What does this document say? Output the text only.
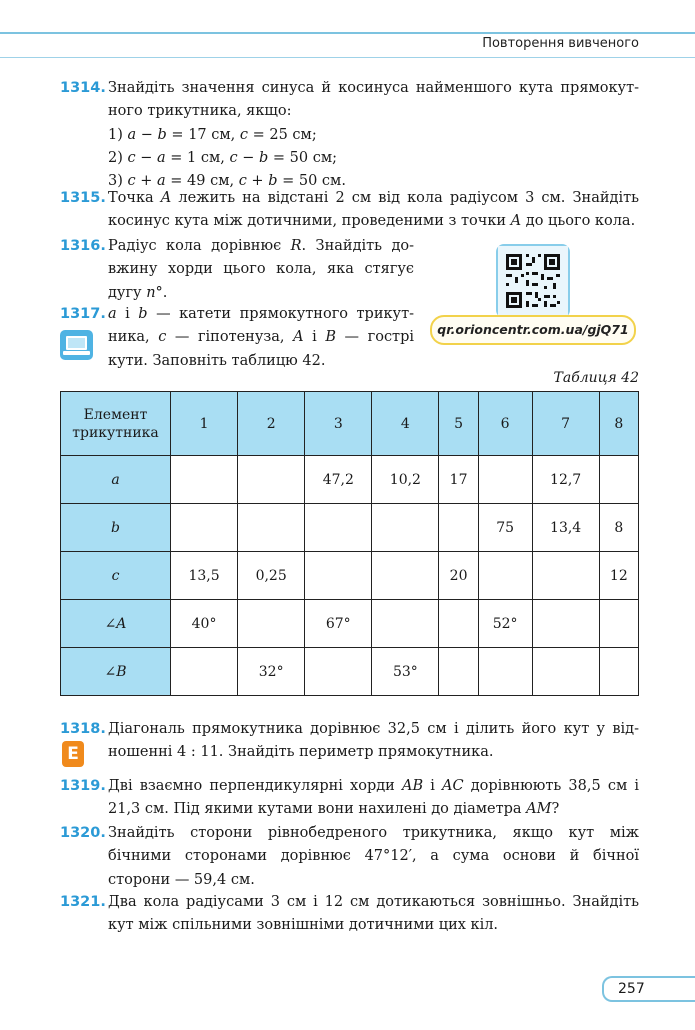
Повторення вивченого
1314. Знайдіть значення синуса й косинуса найменшого кута прямокут-
ного трикутника, якщо:
1) a − b = 17 см, c = 25 см;
2) c − a = 1 см, c − b = 50 см;
3) c + a = 49 см, c + b = 50 см.
1315. Точка A лежить на відстані 2 см від кола радіусом 3 см. Знайдіть
косинус кута між дотичними, проведеними з точки A до цього кола.
1316. Радіус кола дорівнює R. Знайдіть до-
вжину хорди цього кола, яка стягує
дугу n°.
qr.orioncentr.com.ua/gjQ71
1317. a і b — катети прямокутного трикут-
ника, c — гіпотенуза, A і B — гострі
кути. Заповніть таблицю 42.
Таблиця 42
Елемент
трикутника	1	2	3	4	5	6	7	8
a			47,2	10,2	17		12,7	
b						75	13,4	8
c	13,5	0,25			20			12
∠A	40°		67°			52°		
∠B		32°		53°				
1318.
E
Діагональ прямокутника дорівнює 32,5 см і ділить його кут у від-
ношенні 4 : 11. Знайдіть периметр прямокутника.
1319. Дві взаємно перпендикулярні хорди AB і AC дорівнюють 38,5 см і
21,3 см. Під якими кутами вони нахилені до діаметра AM?
1320. Знайдіть сторони рівнобедреного трикутника, якщо кут між
бічними сторонами дорівнює 47°12′, а сума основи й бічної
сторони — 59,4 см.
1321. Два кола радіусами 3 см і 12 см дотикаються зовнішньо. Знайдіть
кут між спільними зовнішніми дотичними цих кіл.
257
